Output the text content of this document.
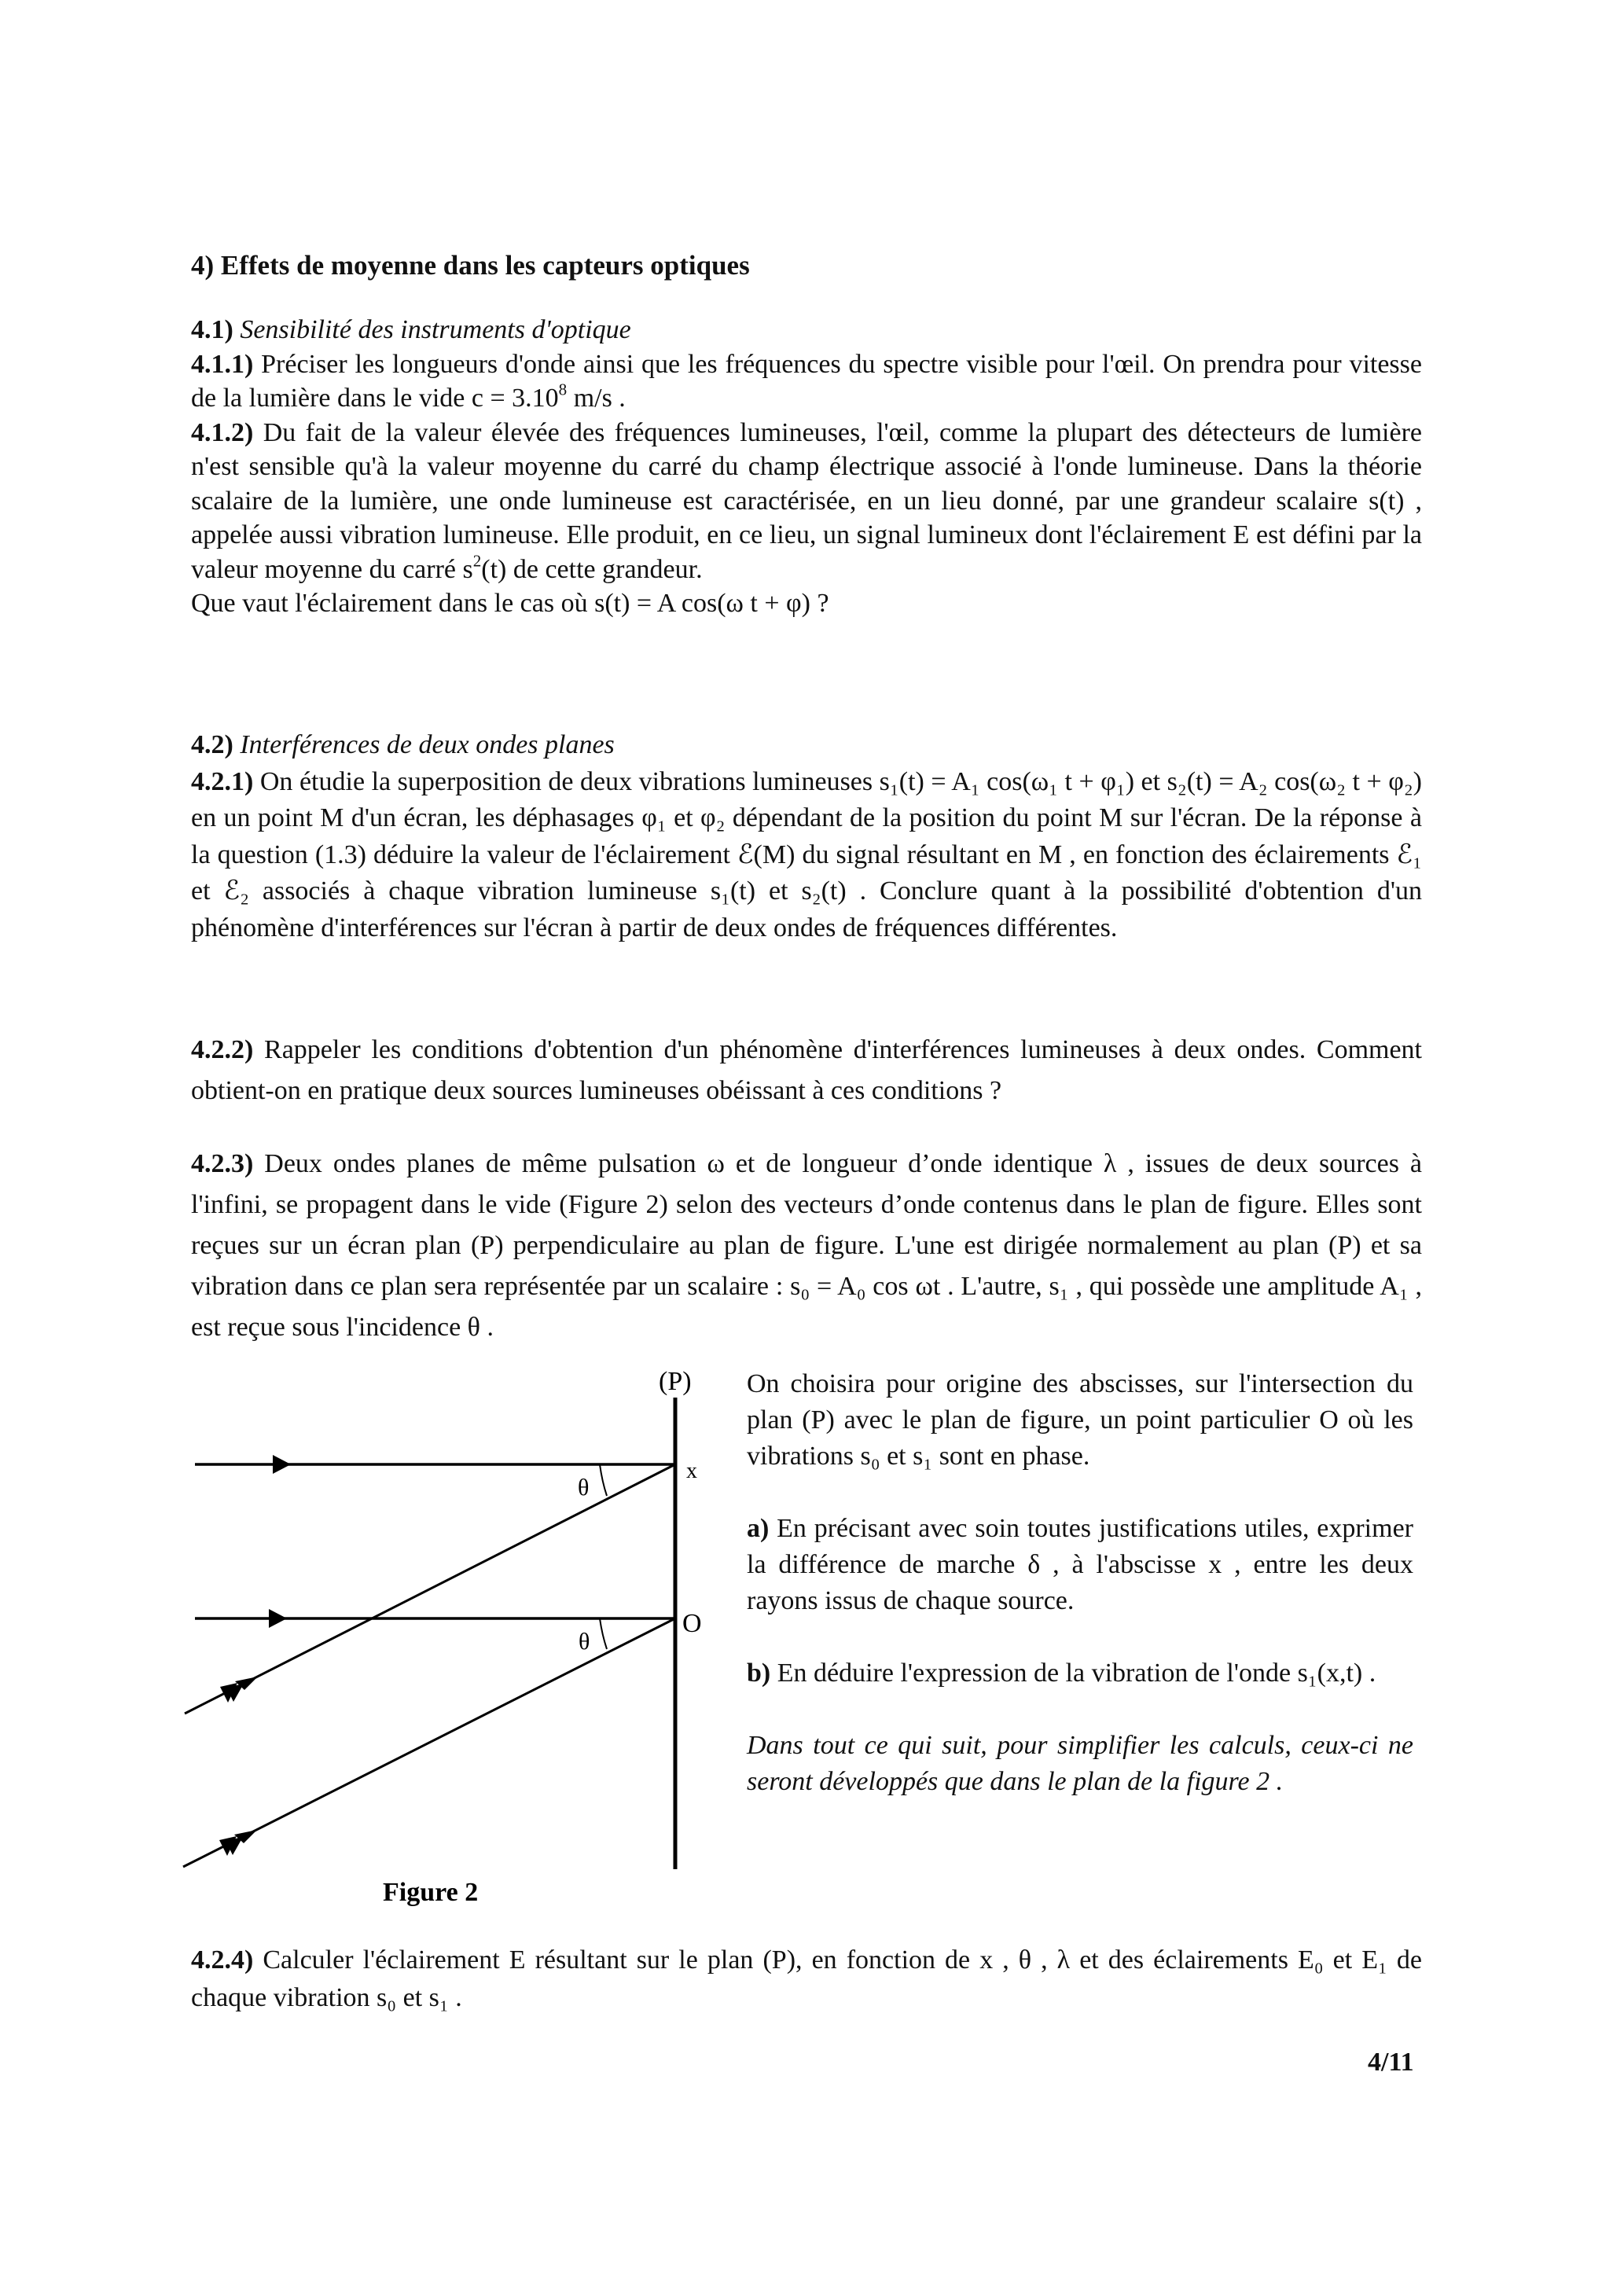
4) Effets de moyenne dans les capteurs optiques

4.1) Sensibilité des instruments d'optique

4.1.1) Préciser les longueurs d'onde ainsi que les fréquences du spectre visible pour l'œil. On prendra pour vitesse de la lumière dans le vide $c = 3.10^8$ m/s .

4.1.2) Du fait de la valeur élevée des fréquences lumineuses, l'œil, comme la plupart des détecteurs de lumière n'est sensible qu'à la valeur moyenne du carré du champ électrique associé à l'onde lumineuse. Dans la théorie scalaire de la lumière, une onde lumineuse est caractérisée, en un lieu donné, par une grandeur scalaire s(t) , appelée aussi vibration lumineuse. Elle produit, en ce lieu, un signal lumineux dont l'éclairement E est défini par la valeur moyenne du carré $s^2(t)$ de cette grandeur.

Que vaut l'éclairement dans le cas où s(t) = A cos(ω t + φ) ?

4.2) Interférences de deux ondes planes

4.2.1) On étudie la superposition de deux vibrations lumineuses s₁(t) = A₁ cos(ω₁ t + φ₁) et s₂(t) = A₂ cos(ω₂ t + φ₂) en un point M d'un écran, les déphasages φ₁ et φ₂ dépendant de la position du point M sur l'écran. De la réponse à la question (1.3) déduire la valeur de l'éclairement ℰ(M) du signal résultant en M , en fonction des éclairements ℰ₁ et ℰ₂ associés à chaque vibration lumineuse s₁(t) et s₂(t) . Conclure quant à la possibilité d'obtention d'un phénomène d'interférences sur l'écran à partir de deux ondes de fréquences différentes.

4.2.2) Rappeler les conditions d'obtention d'un phénomène d'interférences lumineuses à deux ondes. Comment obtient-on en pratique deux sources lumineuses obéissant à ces conditions ?

4.2.3) Deux ondes planes de même pulsation ω et de longueur d’onde identique λ , issues de deux sources à l'infini, se propagent dans le vide (Figure 2) selon des vecteurs d’onde contenus dans le plan de figure. Elles sont reçues sur un écran plan (P) perpendiculaire au plan de figure. L'une est dirigée normalement au plan (P) et sa vibration dans ce plan sera représentée par un scalaire : s₀ = A₀ cos ωt . L'autre, s₁ , qui possède une amplitude A₁ , est reçue sous l'incidence θ .

On choisira pour origine des abscisses, sur l'intersection du plan (P) avec le plan de figure, un point particulier O où les vibrations s₀ et s₁ sont en phase.

a) En précisant avec soin toutes justifications utiles, exprimer la différence de marche δ , à l'abscisse x , entre les deux rayons issus de chaque source.

b) En déduire l'expression de la vibration de l'onde s₁(x,t) .

Dans tout ce qui suit, pour simplifier les calculs, ceux-ci ne seront développés que dans le plan de la figure 2 .

θ
θ
(P)
x
O
Figure 2

4.2.4) Calculer l'éclairement E résultant sur le plan (P), en fonction de x , θ , λ et des éclairements E₀ et E₁ de chaque vibration s₀ et s₁ .

4/11
